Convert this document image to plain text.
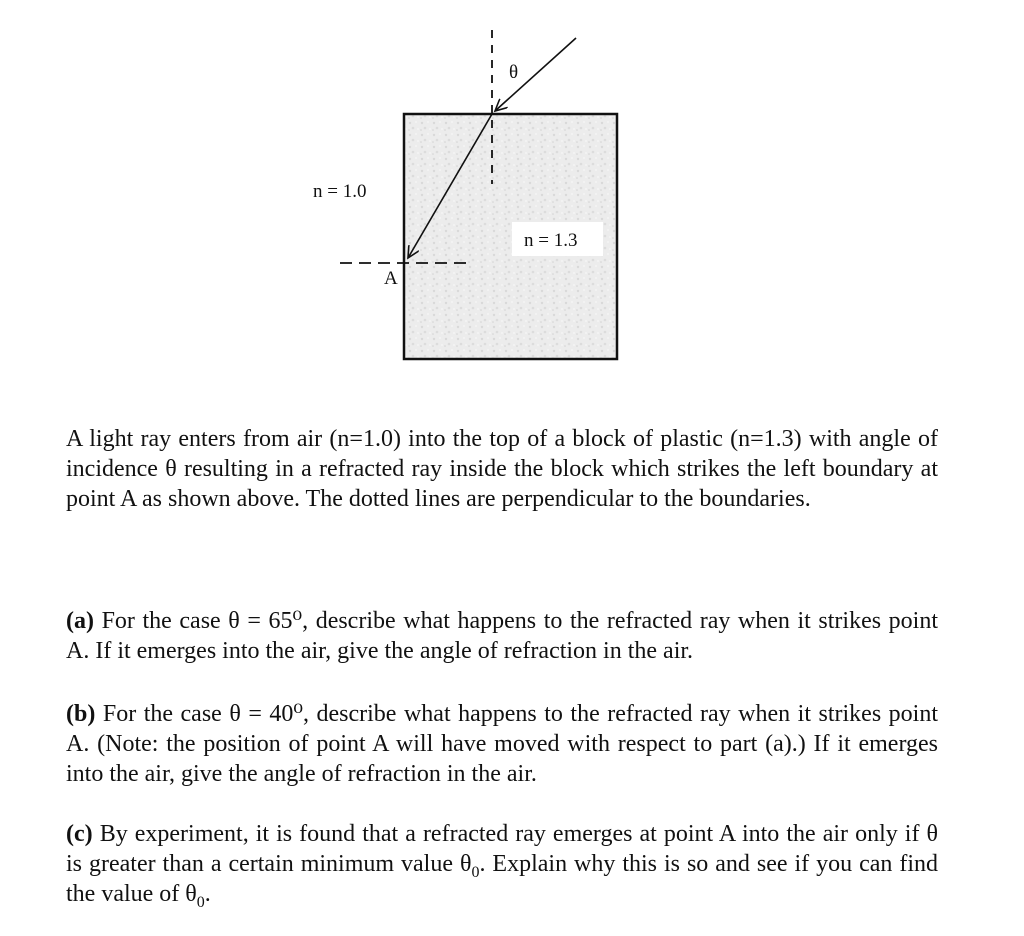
θ
n = 1.0
n = 1.3
A

A light ray enters from air (n=1.0) into the top of a block of plastic (n=1.3) with angle of incidence θ resulting in a refracted ray inside the block which strikes the left boundary at point A as shown above. The dotted lines are perpendicular to the boundaries.

(a) For the case θ = 65⁰, describe what happens to the refracted ray when it strikes point A. If it emerges into the air, give the angle of refraction in the air.

(b) For the case θ = 40⁰, describe what happens to the refracted ray when it strikes point A. (Note: the position of point A will have moved with respect to part (a).) If it emerges into the air, give the angle of refraction in the air.

(c) By experiment, it is found that a refracted ray emerges at point A into the air only if θ is greater than a certain minimum value $\theta_0$. Explain why this is so and see if you can find the value of $\theta_0$.
